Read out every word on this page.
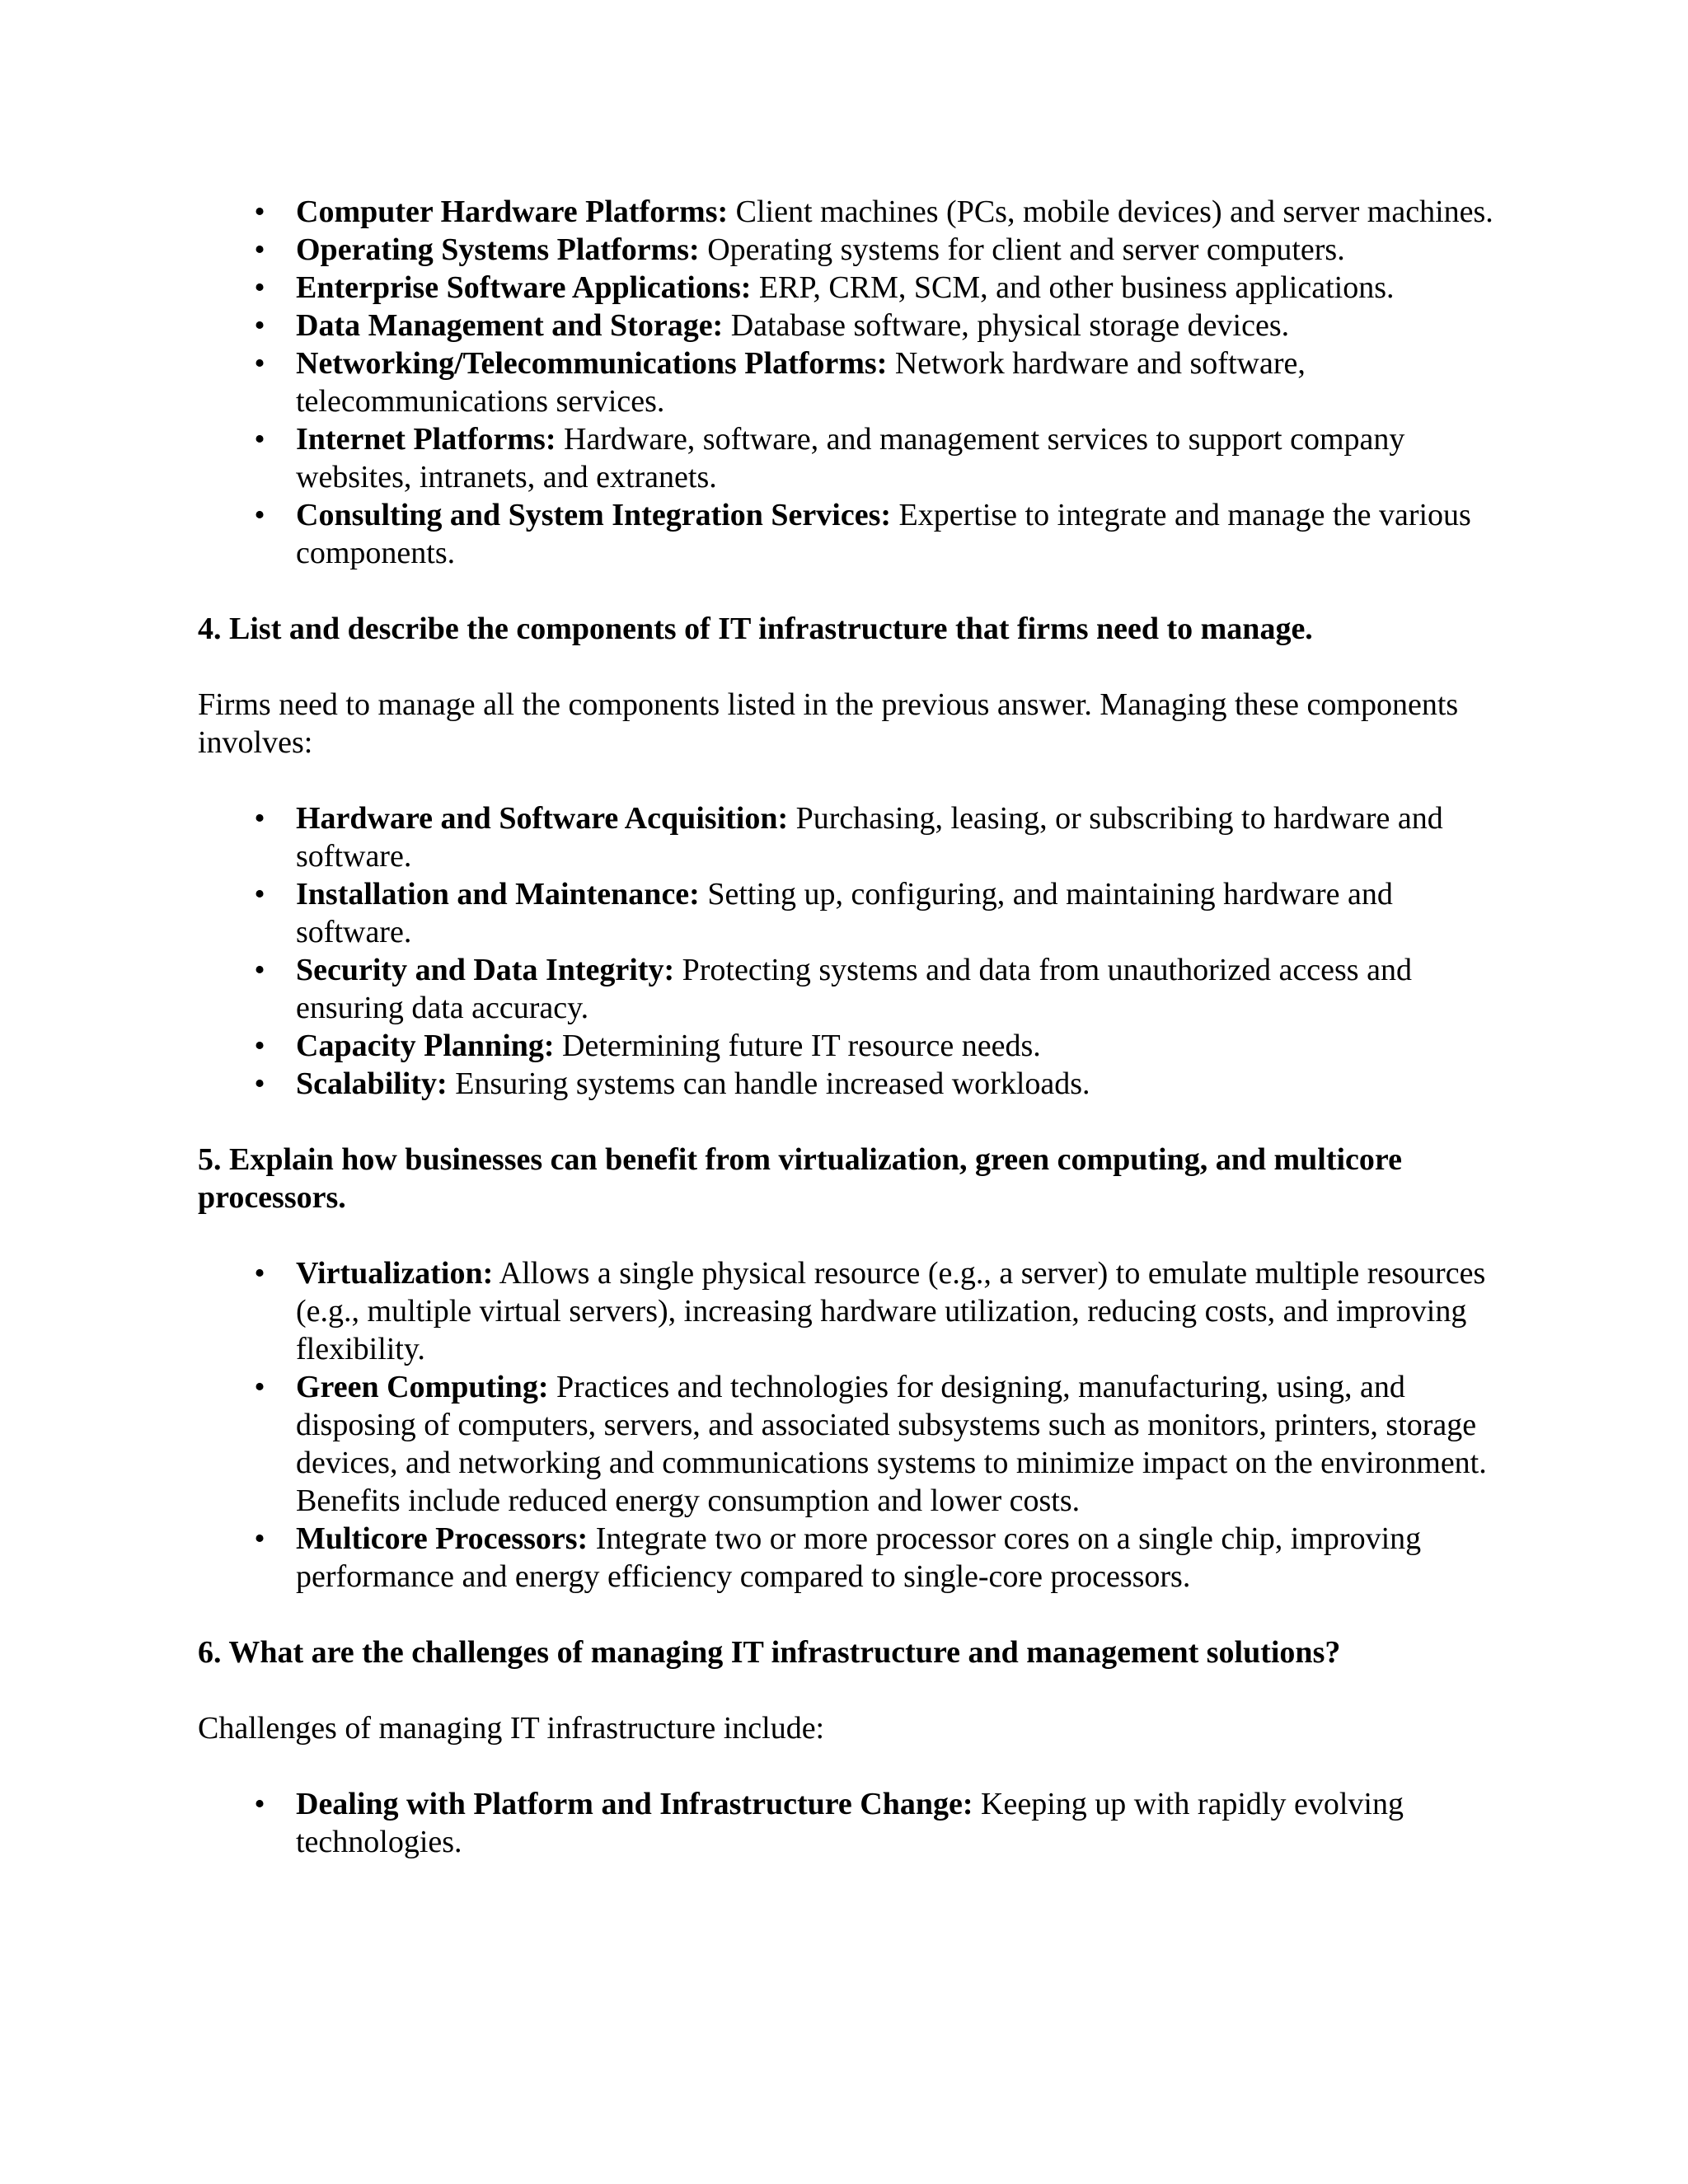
• Computer Hardware Platforms: Client machines (PCs, mobile devices) and server machines.
• Operating Systems Platforms: Operating systems for client and server computers.
• Enterprise Software Applications: ERP, CRM, SCM, and other business applications.
• Data Management and Storage: Database software, physical storage devices.
• Networking/Telecommunications Platforms: Network hardware and software, telecommunications services.
• Internet Platforms: Hardware, software, and management services to support company websites, intranets, and extranets.
• Consulting and System Integration Services: Expertise to integrate and manage the various components.
4. List and describe the components of IT infrastructure that firms need to manage.

Firms need to manage all the components listed in the previous answer. Managing these components involves:

• Hardware and Software Acquisition: Purchasing, leasing, or subscribing to hardware and software.
• Installation and Maintenance: Setting up, configuring, and maintaining hardware and software.
• Security and Data Integrity: Protecting systems and data from unauthorized access and ensuring data accuracy.
• Capacity Planning: Determining future IT resource needs.
• Scalability: Ensuring systems can handle increased workloads.
5. Explain how businesses can benefit from virtualization, green computing, and multicore processors.
• Virtualization: Allows a single physical resource (e.g., a server) to emulate multiple resources (e.g., multiple virtual servers), increasing hardware utilization, reducing costs, and improving flexibility.
• Green Computing: Practices and technologies for designing, manufacturing, using, and disposing of computers, servers, and associated subsystems such as monitors, printers, storage devices, and networking and communications systems to minimize impact on the environment. Benefits include reduced energy consumption and lower costs.
• Multicore Processors: Integrate two or more processor cores on a single chip, improving performance and energy efficiency compared to single-core processors.
6. What are the challenges of managing IT infrastructure and management solutions?

Challenges of managing IT infrastructure include:

• Dealing with Platform and Infrastructure Change: Keeping up with rapidly evolving technologies.
